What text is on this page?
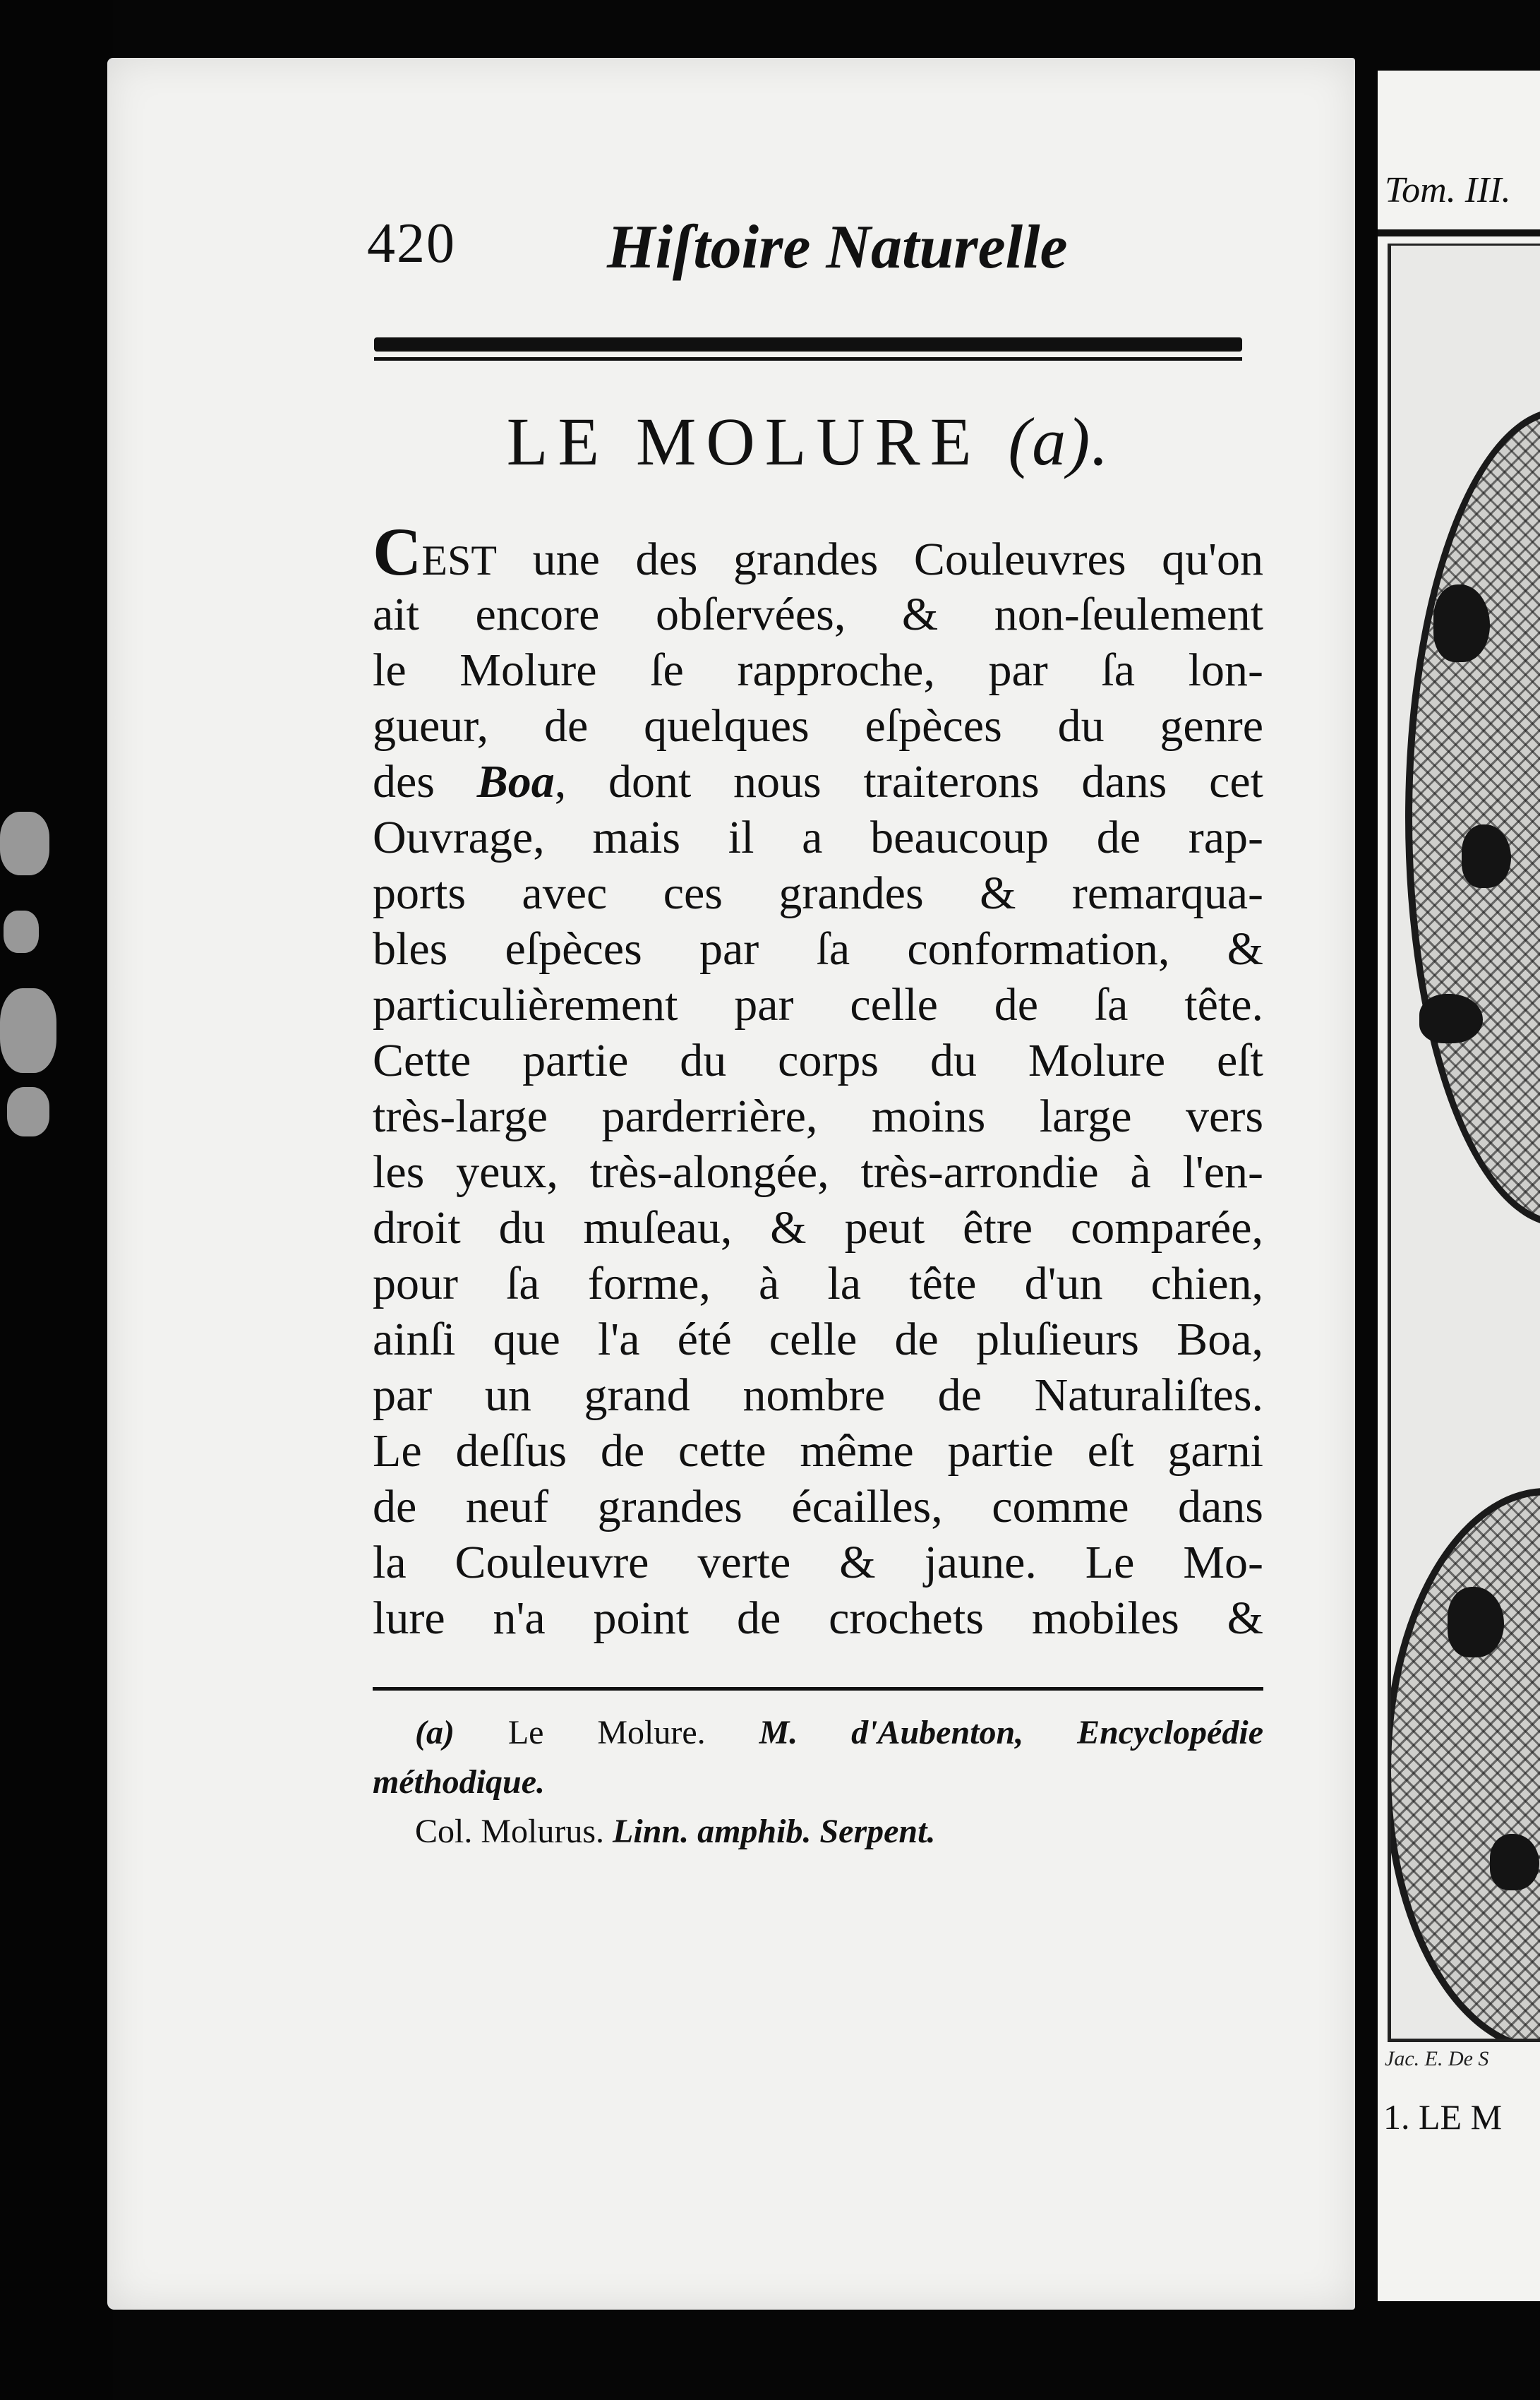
420 Hiſtoire Naturelle
LE MOLURE (a).
CEST une des grandes Couleuvres qu'on
ait encore obſervées, & non-ſeulement
le Molure ſe rapproche, par ſa lon-
gueur, de quelques eſpèces du genre
des Boa, dont nous traiterons dans cet
Ouvrage, mais il a beaucoup de rap-
ports avec ces grandes & remarqua-
bles eſpèces par ſa conformation, &
particulièrement par celle de ſa tête.
Cette partie du corps du Molure eſt
très-large parderrière, moins large vers
les yeux, très-alongée, très-arrondie à l'en-
droit du muſeau, & peut être comparée,
pour ſa forme, à la tête d'un chien,
ainſi que l'a été celle de pluſieurs Boa,
par un grand nombre de Naturaliſtes.
Le deſſus de cette même partie eſt garni
de neuf grandes écailles, comme dans
la Couleuvre verte & jaune. Le Mo-
lure n'a point de crochets mobiles &
(a) Le Molure. M. d'Aubenton, Encyclopédie
méthodique.
Col. Molurus. Linn. amphib. Serpent.
Tom. III.
Jac. E. De S
1. LE M
